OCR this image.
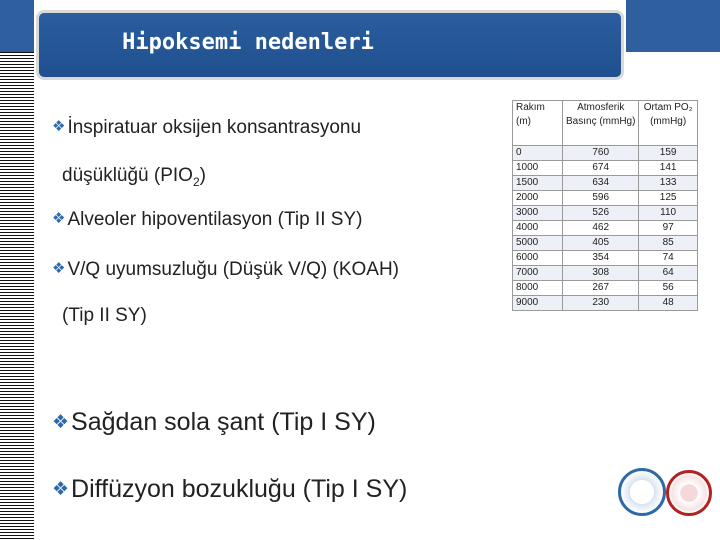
Hipoksemi nedenleri
❖ İnspiratuar oksijen konsantrasyonu
düşüklüğü $(PIO_2)$
❖ Alveoler hipoventilasyon (Tip II SY)
❖ V/Q uyumsuzluğu (Düşük V/Q) (KOAH)
(Tip II SY)
❖Sağdan sola şant (Tip I SY)
❖Diffüzyon bozukluğu (Tip I SY)
Rakım (m)	Atmosferik Basınç (mmHg)	Ortam PO₂ (mmHg)
0	760	159
1000	674	141
1500	634	133
2000	596	125
3000	526	110
4000	462	97
5000	405	85
6000	354	74
7000	308	64
8000	267	56
9000	230	48
